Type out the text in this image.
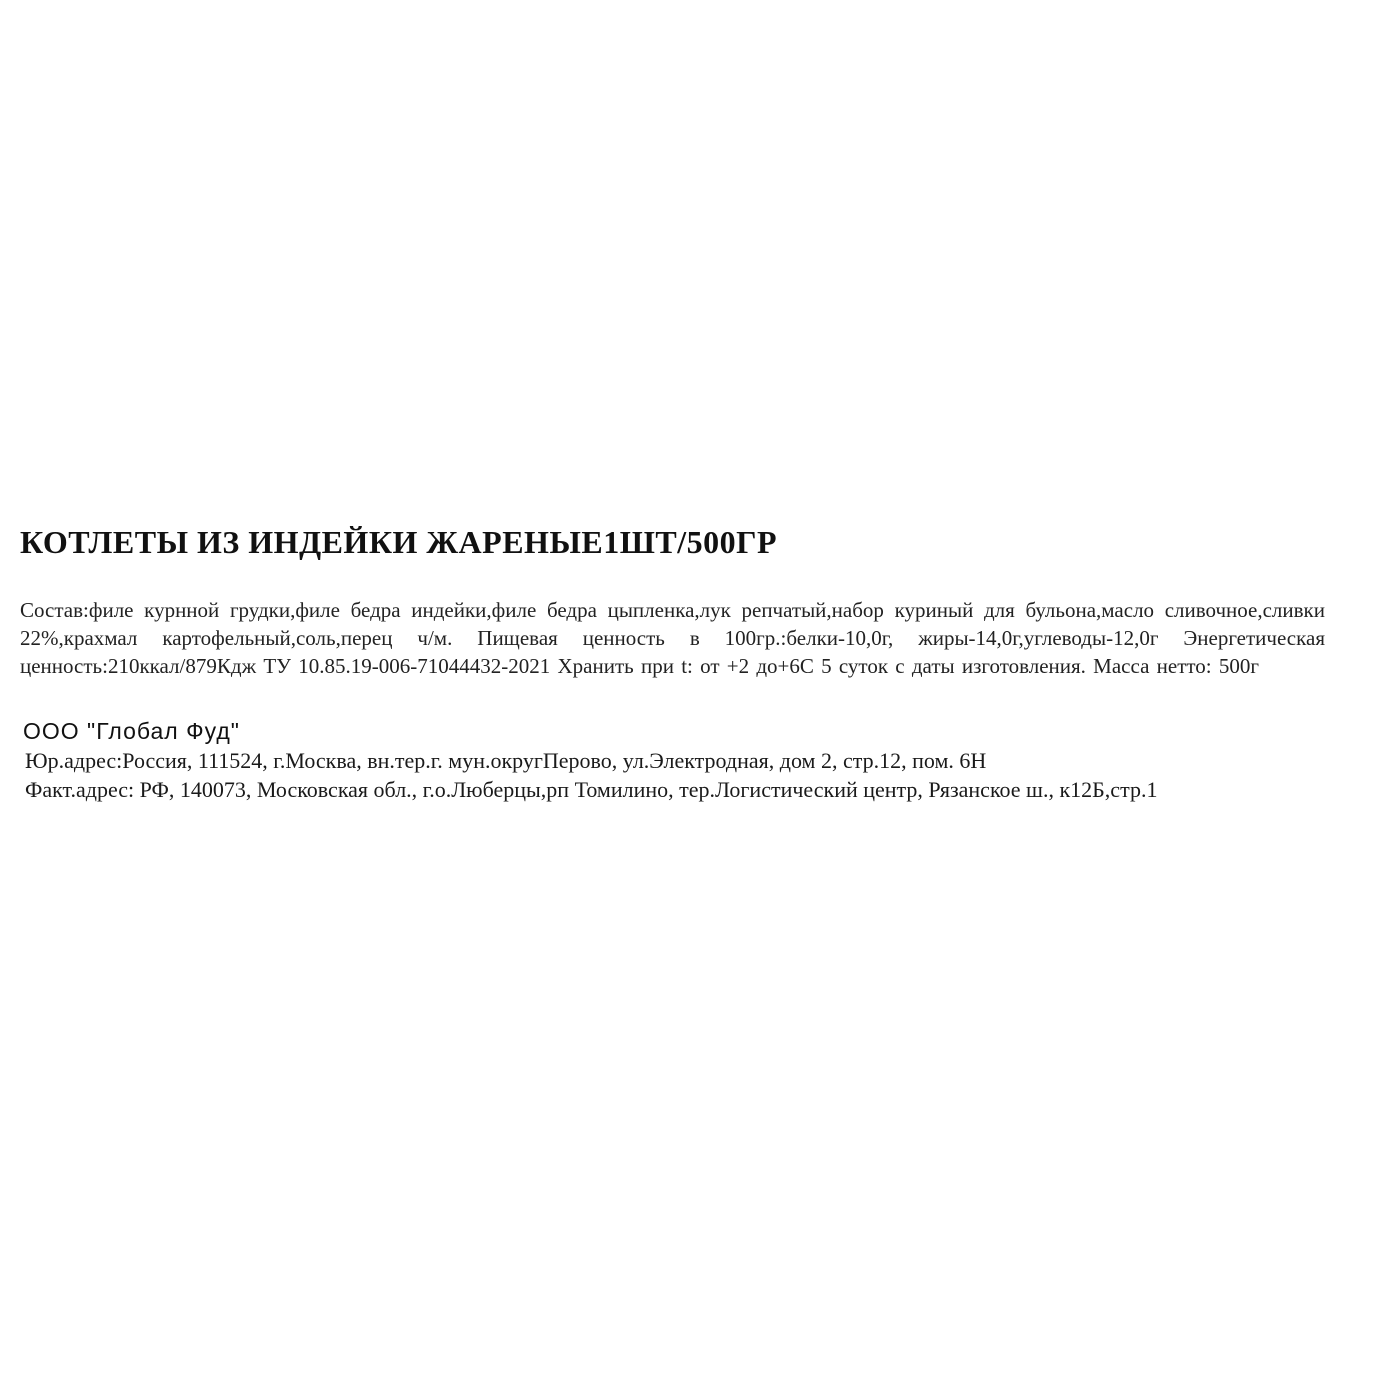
КОТЛЕТЫ ИЗ ИНДЕЙКИ ЖАРЕНЫЕ1ШТ/500ГР
Состав:филе курнной грудки,филе бедра индейки,филе бедра цыпленка,лук репчатый,набор куриный для бульона,масло сливочное,сливки 22%,крахмал картофельный,соль,перец ч/м. Пищевая ценность в 100гр.:белки-10,0г, жиры-14,0г,углеводы-12,0г Энергетическая ценность:210ккал/879Кдж ТУ 10.85.19-006-71044432-2021 Хранить при t: от +2 до+6С 5 суток с даты изготовления. Масса нетто: 500г
ООО "Глобал Фуд"
Юр.адрес:Россия, 111524, г.Москва, вн.тер.г. мун.округПерово, ул.Электродная, дом 2, стр.12, пом. 6Н
Факт.адрес: РФ, 140073, Московская обл., г.о.Люберцы,рп Томилино, тер.Логистический центр, Рязанское ш., к12Б,стр.1
